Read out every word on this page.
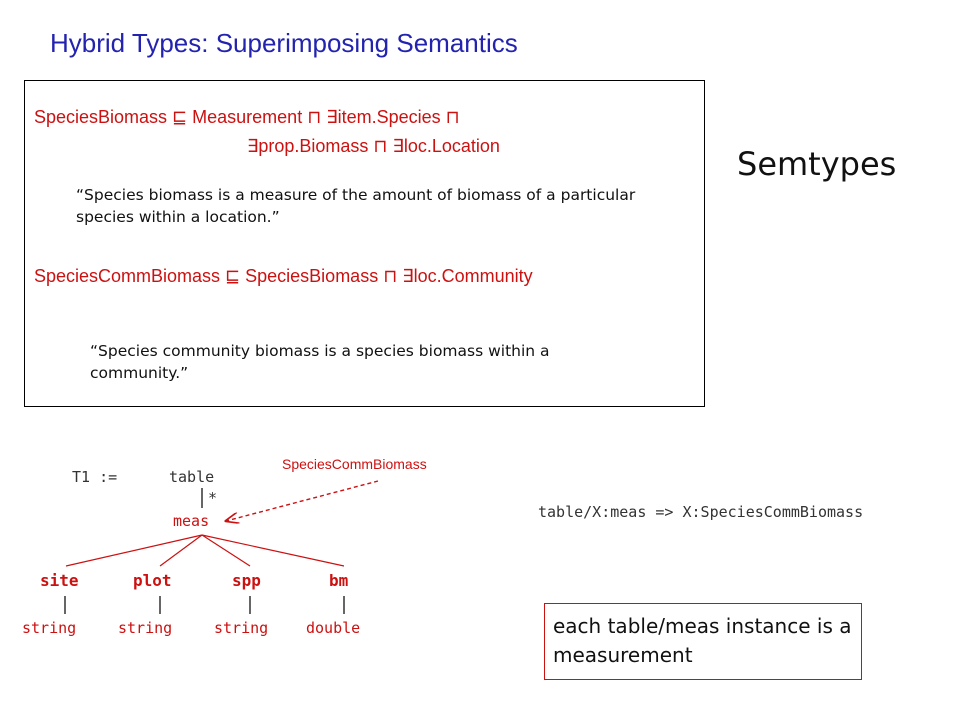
Hybrid Types: Superimposing Semantics
SpeciesBiomass ⊑ Measurement ⊓ ∃item.Species ⊓
∃prop.Biomass ⊓ ∃loc.Location
“Species biomass is a measure of the amount of biomass of a particular species within a location.”
SpeciesCommBiomass ⊑ SpeciesBiomass ⊓ ∃loc.Community
“Species community biomass is a species biomass within a community.”
Semtypes
T1 :=	table
*
meas
SpeciesCommBiomass
site	plot	spp	bm
string	string	string	double
table/X:meas => X:SpeciesCommBiomass
each table/meas instance is a measurement
